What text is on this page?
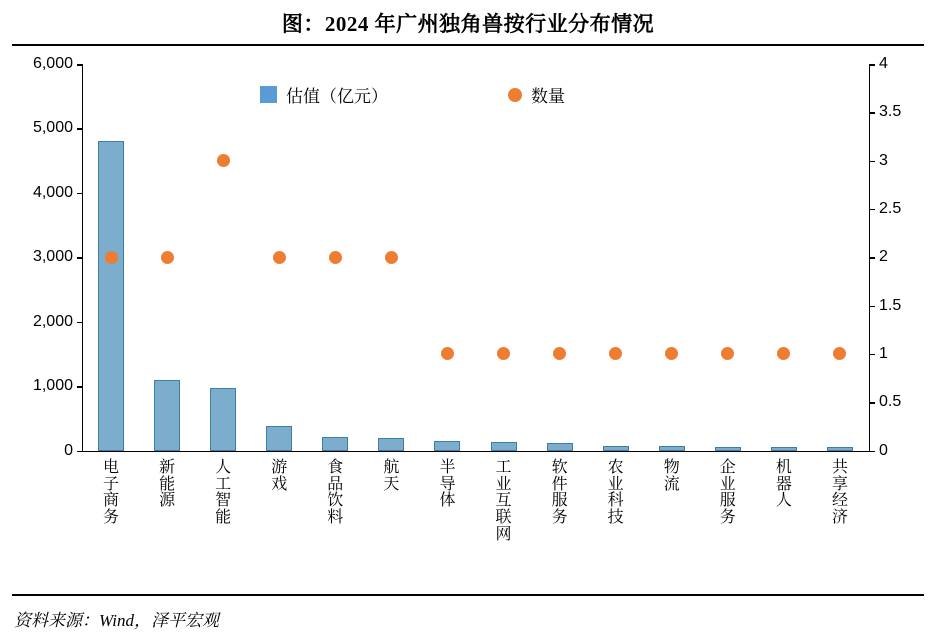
图：2024 年广州独角兽按行业分布情况
估值（亿元）	数量
电子商务
新能源
人工智能
游戏
食品饮料
航天
半导体
工业互联网
软件服务
农业科技
物流
企业服务
机器人
共享经济
0
1,000
2,000
3,000
4,000
5,000
6,000
0
0.5
1
1.5
2
2.5
3
3.5
4
资料来源：Wind，泽平宏观
